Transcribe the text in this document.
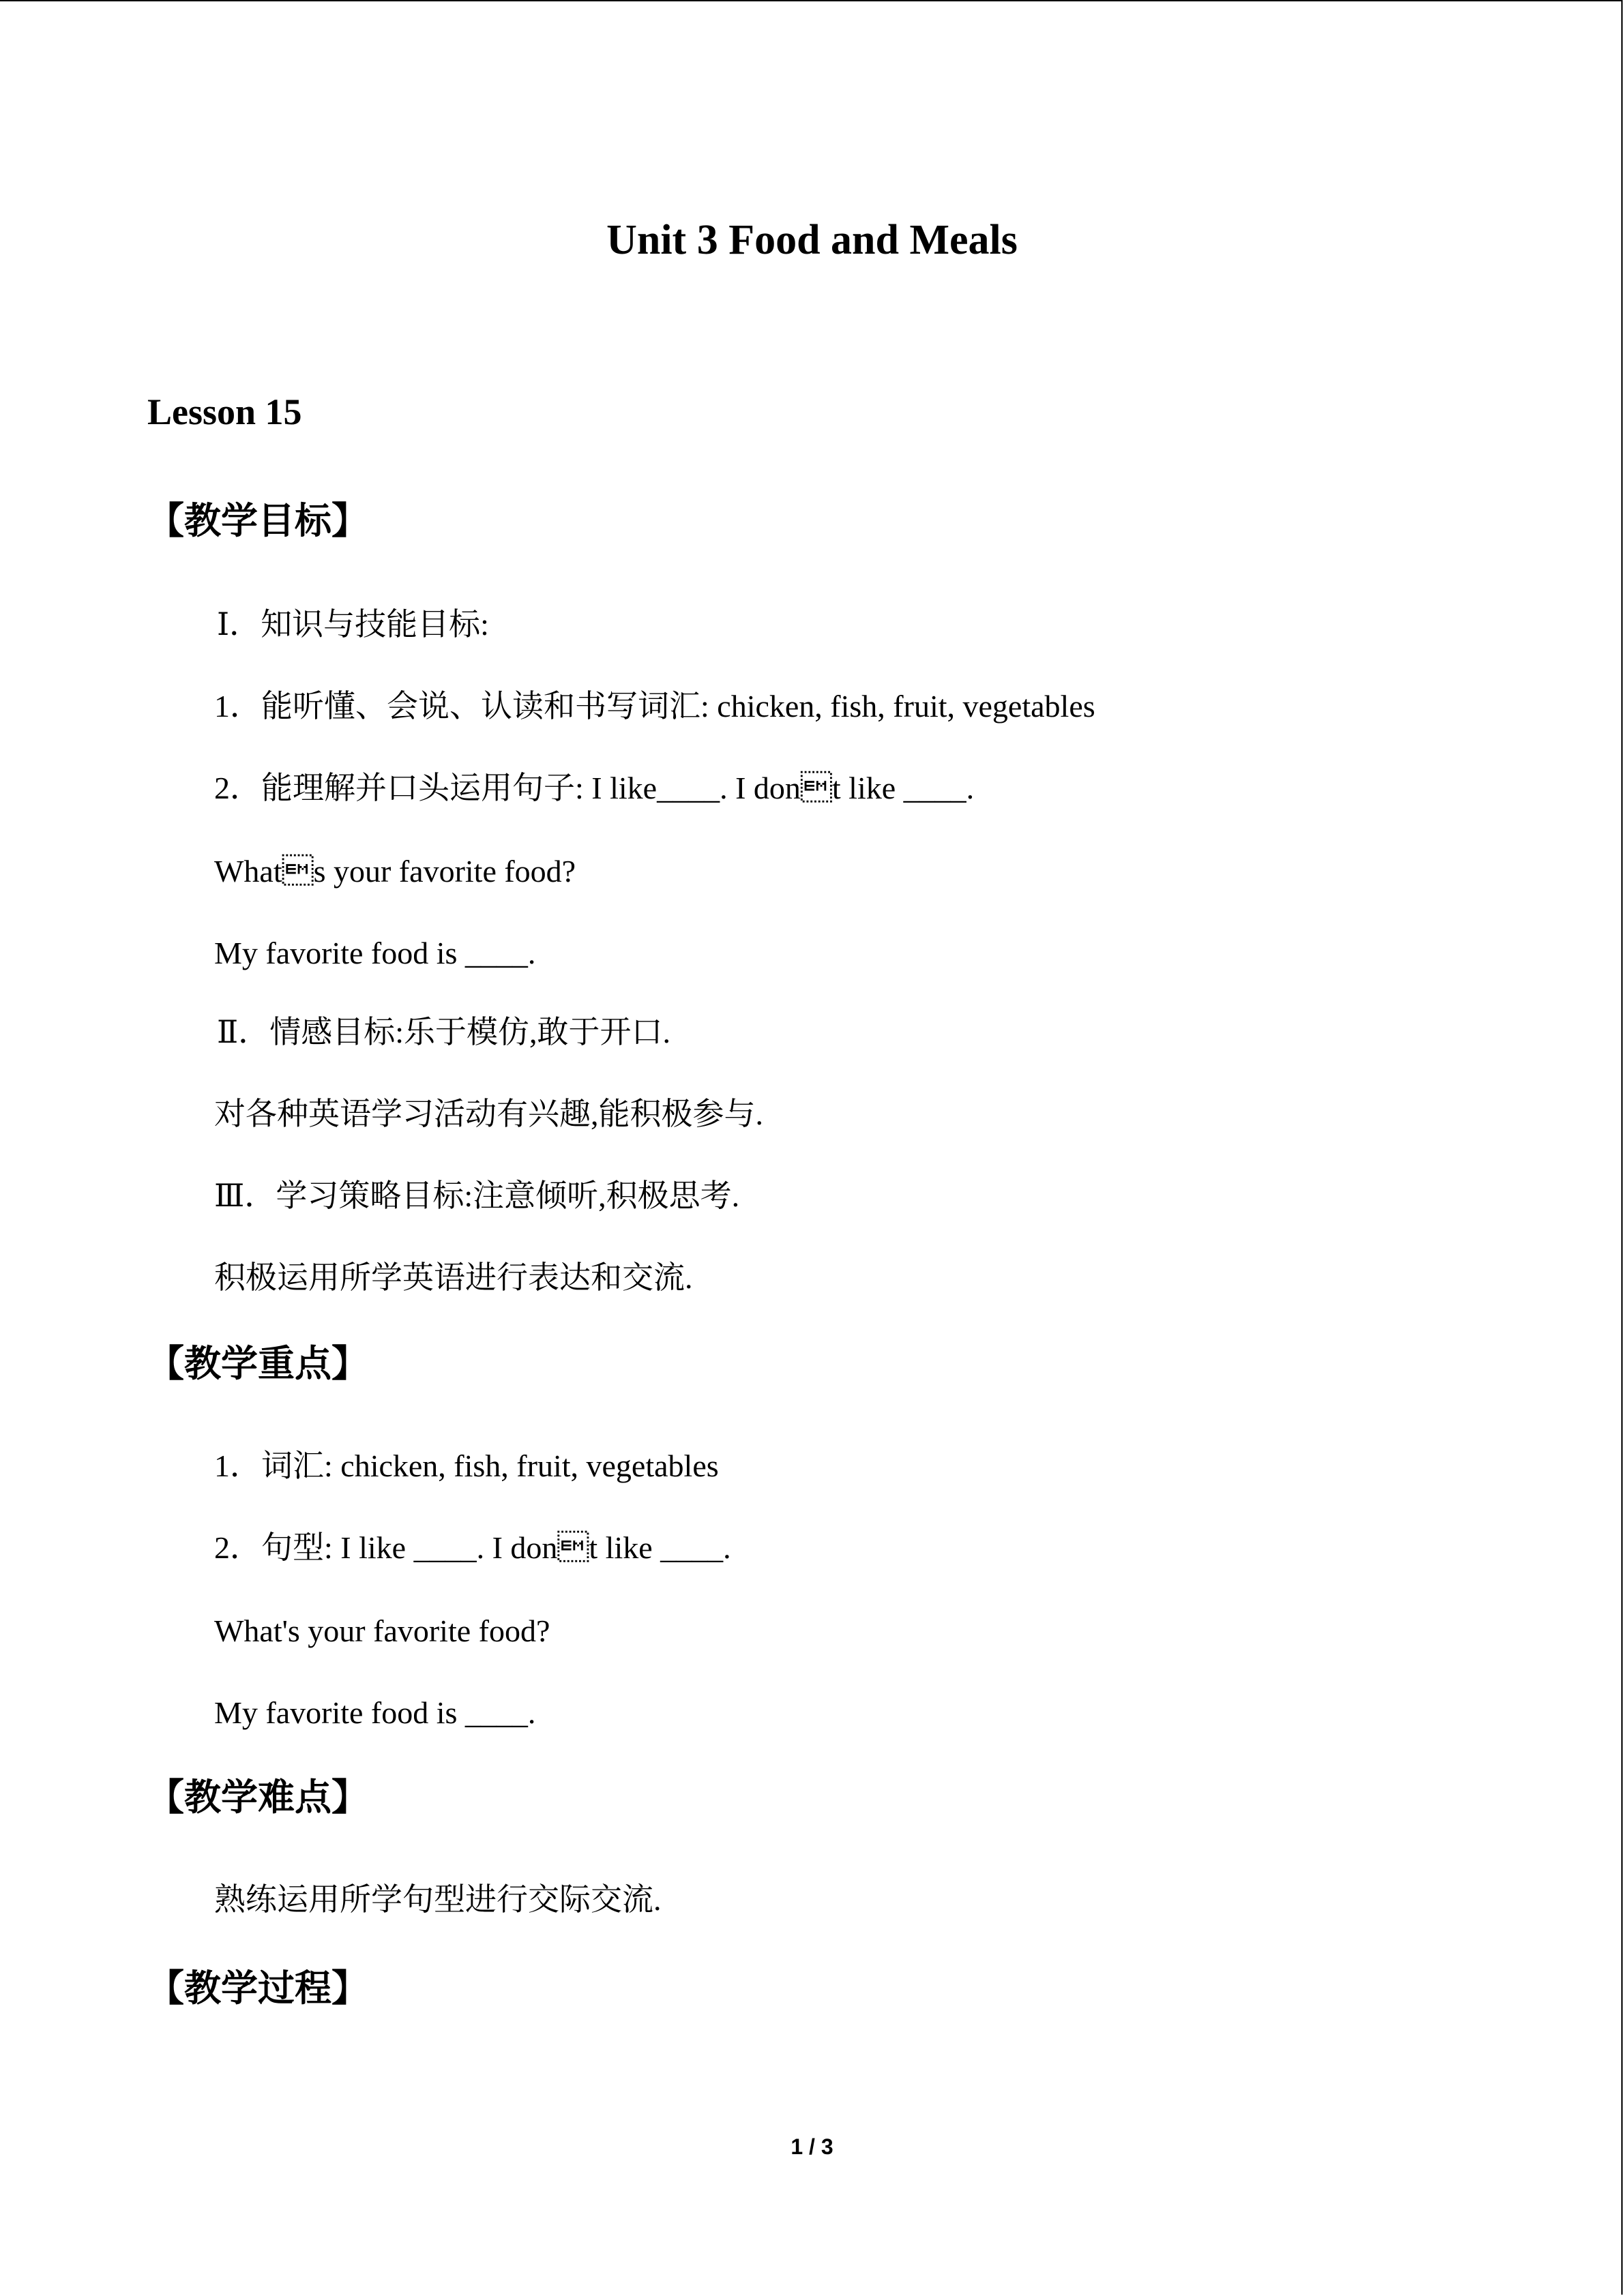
Unit 3 Food and Meals
Lesson 15
【教学目标】
Ⅰ．知识与技能目标:
1．能听懂、会说、认读和书写词汇: chicken, fish, fruit, vegetables
2．能理解并口头运用句子: I like____. I dont like ____.
Whats your favorite food?
My favorite food is ____.
Ⅱ．情感目标:乐于模仿,敢于开口.
对各种英语学习活动有兴趣,能积极参与.
Ⅲ．学习策略目标:注意倾听,积极思考.
积极运用所学英语进行表达和交流.
【教学重点】
1．词汇: chicken, fish, fruit, vegetables
2．句型: I like ____. I dont like ____.
What's your favorite food?
My favorite food is ____.
【教学难点】
熟练运用所学句型进行交际交流.
【教学过程】
1 / 3
